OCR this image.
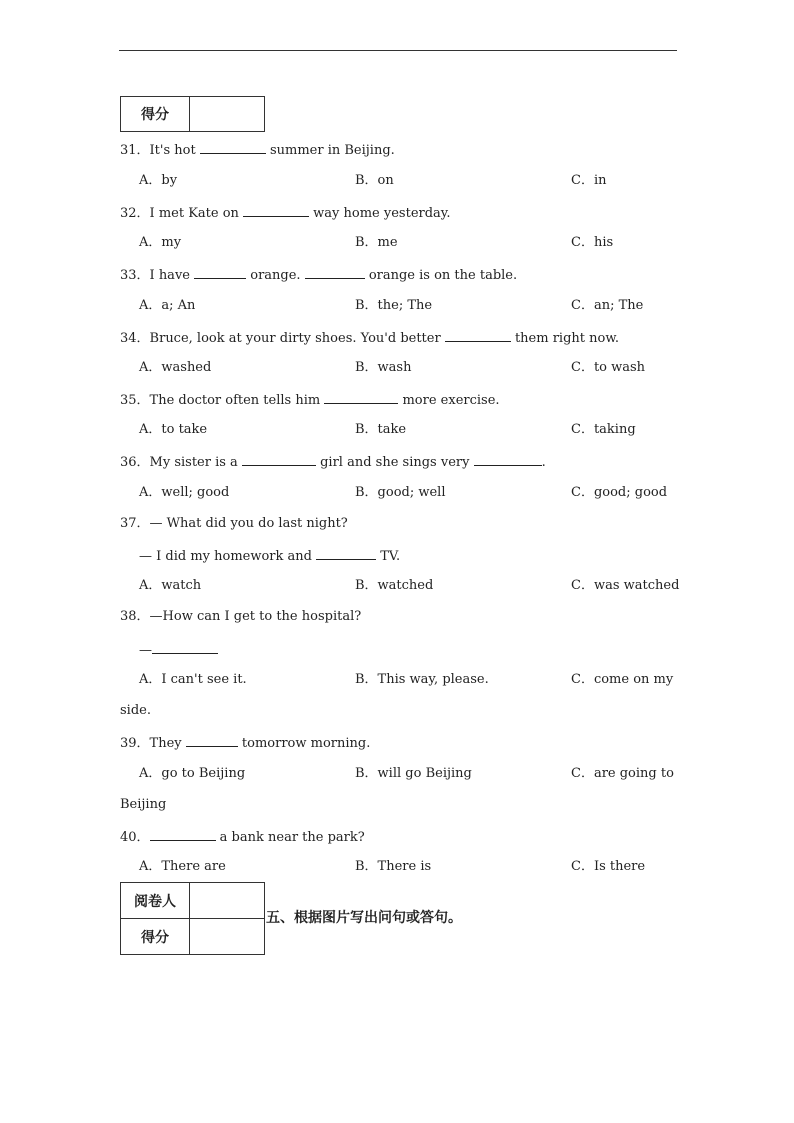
得分	
31．It's hot	summer in Beijing.
A．by	B．on	C．in
32．I met Kate on	way home yesterday.
A．my	B．me	C．his
33．I have	orange.	orange is on the table.
A．a; An	B．the; The	C．an; The
34．Bruce, look at your dirty shoes. You'd better	them right now.
A．washed	B．wash	C．to wash
35．The doctor often tells him	more exercise.
A．to take	B．take	C．taking
36．My sister is a	girl and she sings very	.
A．well; good	B．good; well	C．good; good
37．— What did you do last night?
— I did my homework and	TV.
A．watch	B．watched	C．was watched
38．—How can I get to the hospital?
—
A．I can't see it.	B．This way, please.	C．come on my
side.
39．They	tomorrow morning.
A．go to Beijing	B．will go Beijing	C．are going to
Beijing
40．	a bank near the park?
A．There are	B．There is	C．Is there
阅卷人	
得分	
五、根据图片写出问句或答句。
